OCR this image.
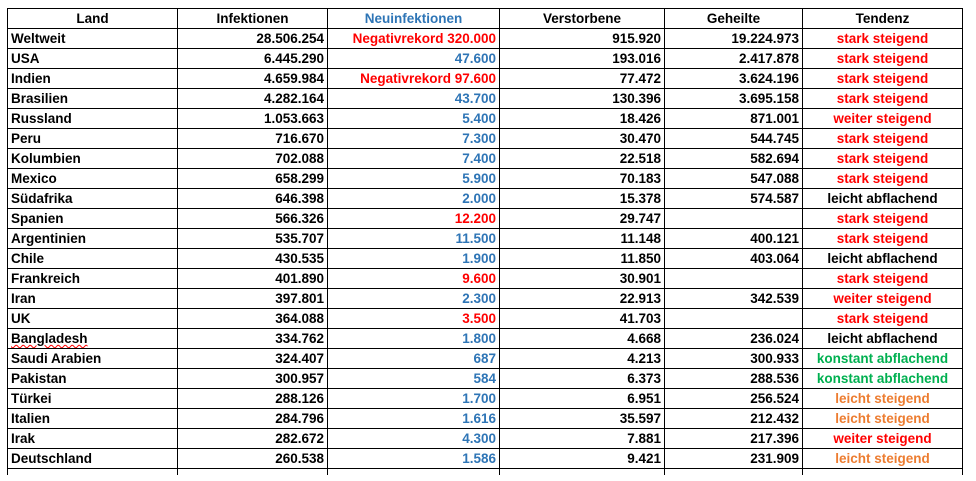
Land	Infektionen	Neuinfektionen	Verstorbene	Geheilte	Tendenz
Weltweit	28.506.254	Negativrekord 320.000	915.920	19.224.973	stark steigend
USA	6.445.290	47.600	193.016	2.417.878	stark steigend
Indien	4.659.984	Negativrekord 97.600	77.472	3.624.196	stark steigend
Brasilien	4.282.164	43.700	130.396	3.695.158	stark steigend
Russland	1.053.663	5.400	18.426	871.001	weiter steigend
Peru	716.670	7.300	30.470	544.745	stark steigend
Kolumbien	702.088	7.400	22.518	582.694	stark steigend
Mexico	658.299	5.900	70.183	547.088	stark steigend
Südafrika	646.398	2.000	15.378	574.587	leicht abflachend
Spanien	566.326	12.200	29.747		stark steigend
Argentinien	535.707	11.500	11.148	400.121	stark steigend
Chile	430.535	1.900	11.850	403.064	leicht abflachend
Frankreich	401.890	9.600	30.901		stark steigend
Iran	397.801	2.300	22.913	342.539	weiter steigend
UK	364.088	3.500	41.703		stark steigend
Bangladesh	334.762	1.800	4.668	236.024	leicht abflachend
Saudi Arabien	324.407	687	4.213	300.933	konstant abflachend
Pakistan	300.957	584	6.373	288.536	konstant abflachend
Türkei	288.126	1.700	6.951	256.524	leicht steigend
Italien	284.796	1.616	35.597	212.432	leicht steigend
Irak	282.672	4.300	7.881	217.396	weiter steigend
Deutschland	260.538	1.586	9.421	231.909	leicht steigend
